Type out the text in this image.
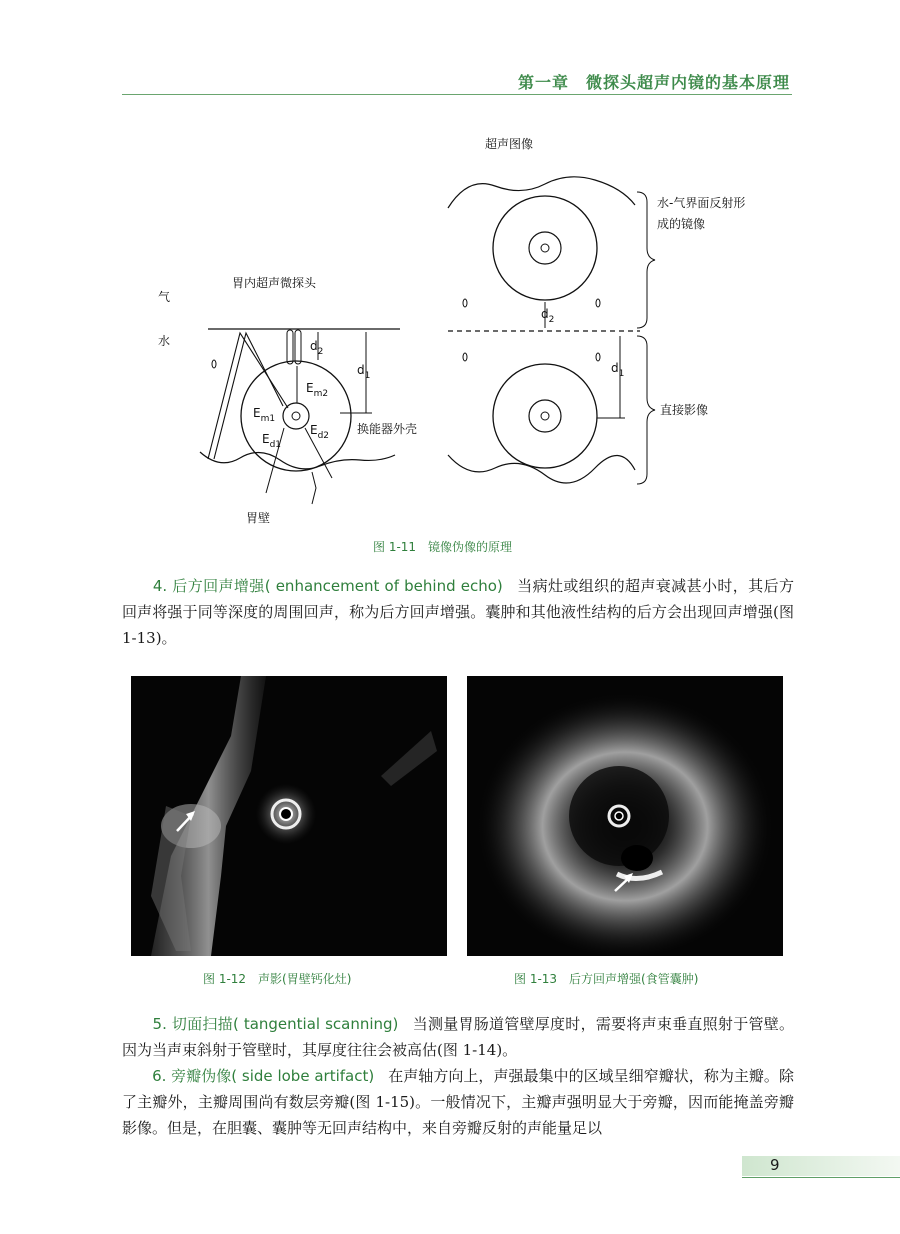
第一章　微探头超声内镜的基本原理
胃内超声微探头
气
水	$d_2$
$d_1$
$E_{m2}$
$E_{m1}$
$E_{d2}$
$E_{d1}$
换能器外壳
胃壁
超声图像
$d_2$
$d_1$
水-气界面反射形
成的镜像
直接影像
图 1-11　镜像伪像的原理
　　4. 后方回声增强( enhancement of behind echo) 当病灶或组织的超声衰减甚小时，其后方回声将强于同等深度的周围回声，称为后方回声增强。囊肿和其他液性结构的后方会出现回声增强(图 1-13)。
图 1-12　声影(胃壁钙化灶)	图 1-13　后方回声增强(食管囊肿)
　　5. 切面扫描( tangential scanning) 当测量胃肠道管壁厚度时，需要将声束垂直照射于管壁。因为当声束斜射于管壁时，其厚度往往会被高估(图 1-14)。
　　6. 旁瓣伪像( side lobe artifact) 在声轴方向上，声强最集中的区域呈细窄瓣状，称为主瓣。除了主瓣外，主瓣周围尚有数层旁瓣(图 1-15)。一般情况下，主瓣声强明显大于旁瓣，因而能掩盖旁瓣影像。但是，在胆囊、囊肿等无回声结构中，来自旁瓣反射的声能量足以
9
